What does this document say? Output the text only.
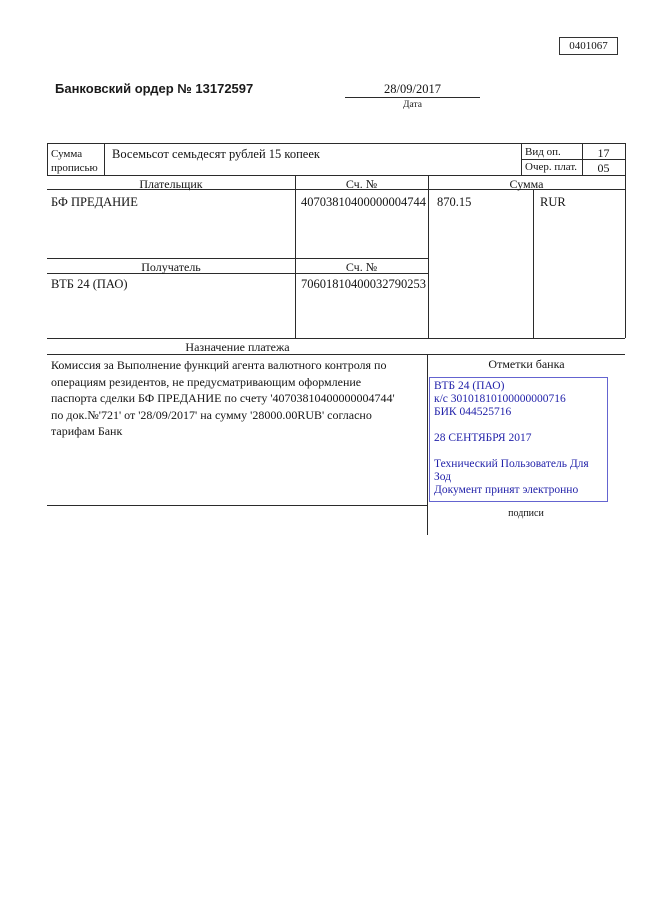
0401067
Банковский ордер № 13172597	28/09/2017
Дата
Сумма прописью
Восемьсот семьдесят рублей 15 копеек	Вид оп.	17
Очер. плат.	05
Плательщик	Сч. №	Сумма
БФ ПРЕДАНИЕ	40703810400000004744 870.15	RUR
Получатель	Сч. №
ВТБ 24 (ПАО)	70601810400032790253
Назначение платежа
Комиссия за Выполнение функций агента валютного контроля по
операциям резидентов, не предусматривающим оформление
паспорта сделки БФ ПРЕДАНИЕ по счету '40703810400000004744'
по док.№'721' от '28/09/2017' на сумму '28000.00RUB' согласно
тарифам Банк
Отметки банка
ВТБ 24 (ПАО)
к/с 30101810100000000716
БИК 044525716
28 СЕНТЯБРЯ 2017
Технический Пользователь Для
Зод
Документ принят электронно
подписи
